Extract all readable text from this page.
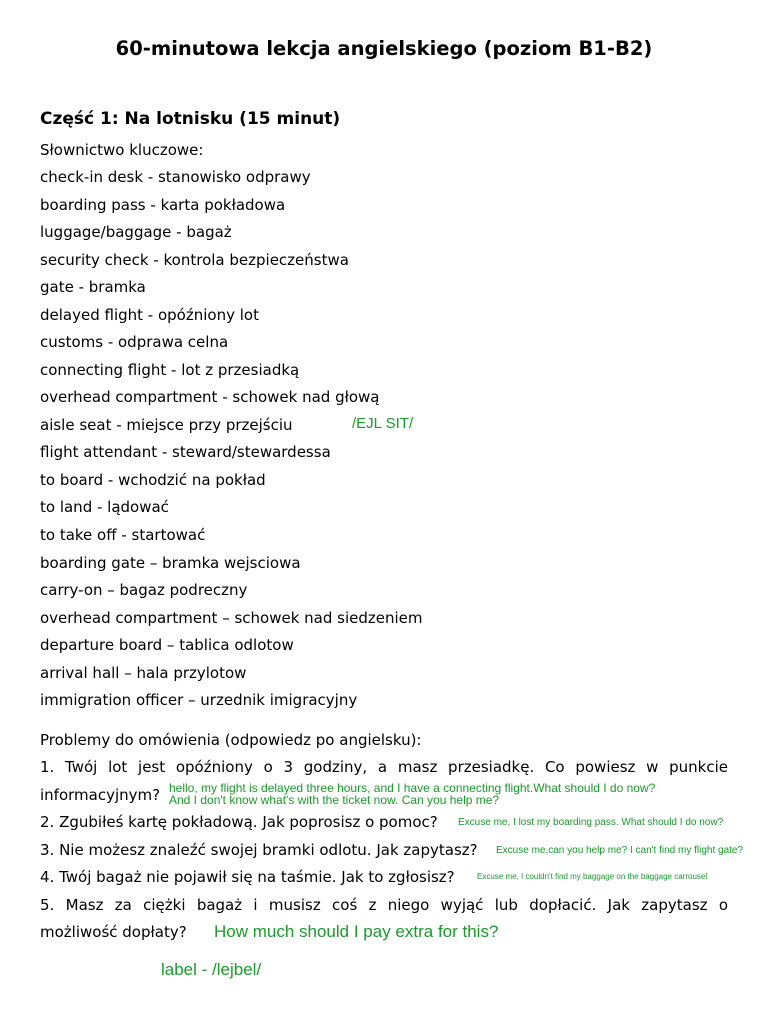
60-minutowa lekcja angielskiego (poziom B1-B2)
Część 1: Na lotnisku (15 minut)
Słownictwo kluczowe:
check-in desk - stanowisko odprawy
boarding pass - karta pokładowa
luggage/baggage - bagaż
security check - kontrola bezpieczeństwa
gate - bramka
delayed flight - opóźniony lot
customs - odprawa celna
connecting flight - lot z przesiadką
overhead compartment - schowek nad głową
aisle seat - miejsce przy przejściu
flight attendant - steward/stewardessa
to board - wchodzić na pokład
to land - lądować
to take off - startować
boarding gate – bramka wejsciowa
carry-on – bagaz podreczny
overhead compartment – schowek nad siedzeniem
departure board – tablica odlotow
arrival hall – hala przylotow
immigration officer – urzednik imigracyjny
/EJL SIT/
Problemy do omówienia (odpowiedz po angielsku):
1. Twój lot jest opóźniony o 3 godziny, a masz przesiadkę. Co powiesz w punkcie
informacyjnym? hello, my flight is delayed three hours, and I have a connecting flight.What should I do now?
And I don't know what's with the ticket now. Can you help me?
2. Zgubiłeś kartę pokładową. Jak poprosisz o pomoc? Excuse me, I lost my boarding pass. What should I do now?
3. Nie możesz znaleźć swojej bramki odlotu. Jak zapytasz? Excuse me,can you help me? I can't find my flight gate?
4. Twój bagaż nie pojawił się na taśmie. Jak to zgłosisz?	Excuse me, I couldn't find my baggage on the baggage carrousel
5. Masz za ciężki bagaż i musisz coś z niego wyjąć lub dopłacić. Jak zapytasz o
możliwość dopłaty? How much should I pay extra for this?
label - /lejbel/
